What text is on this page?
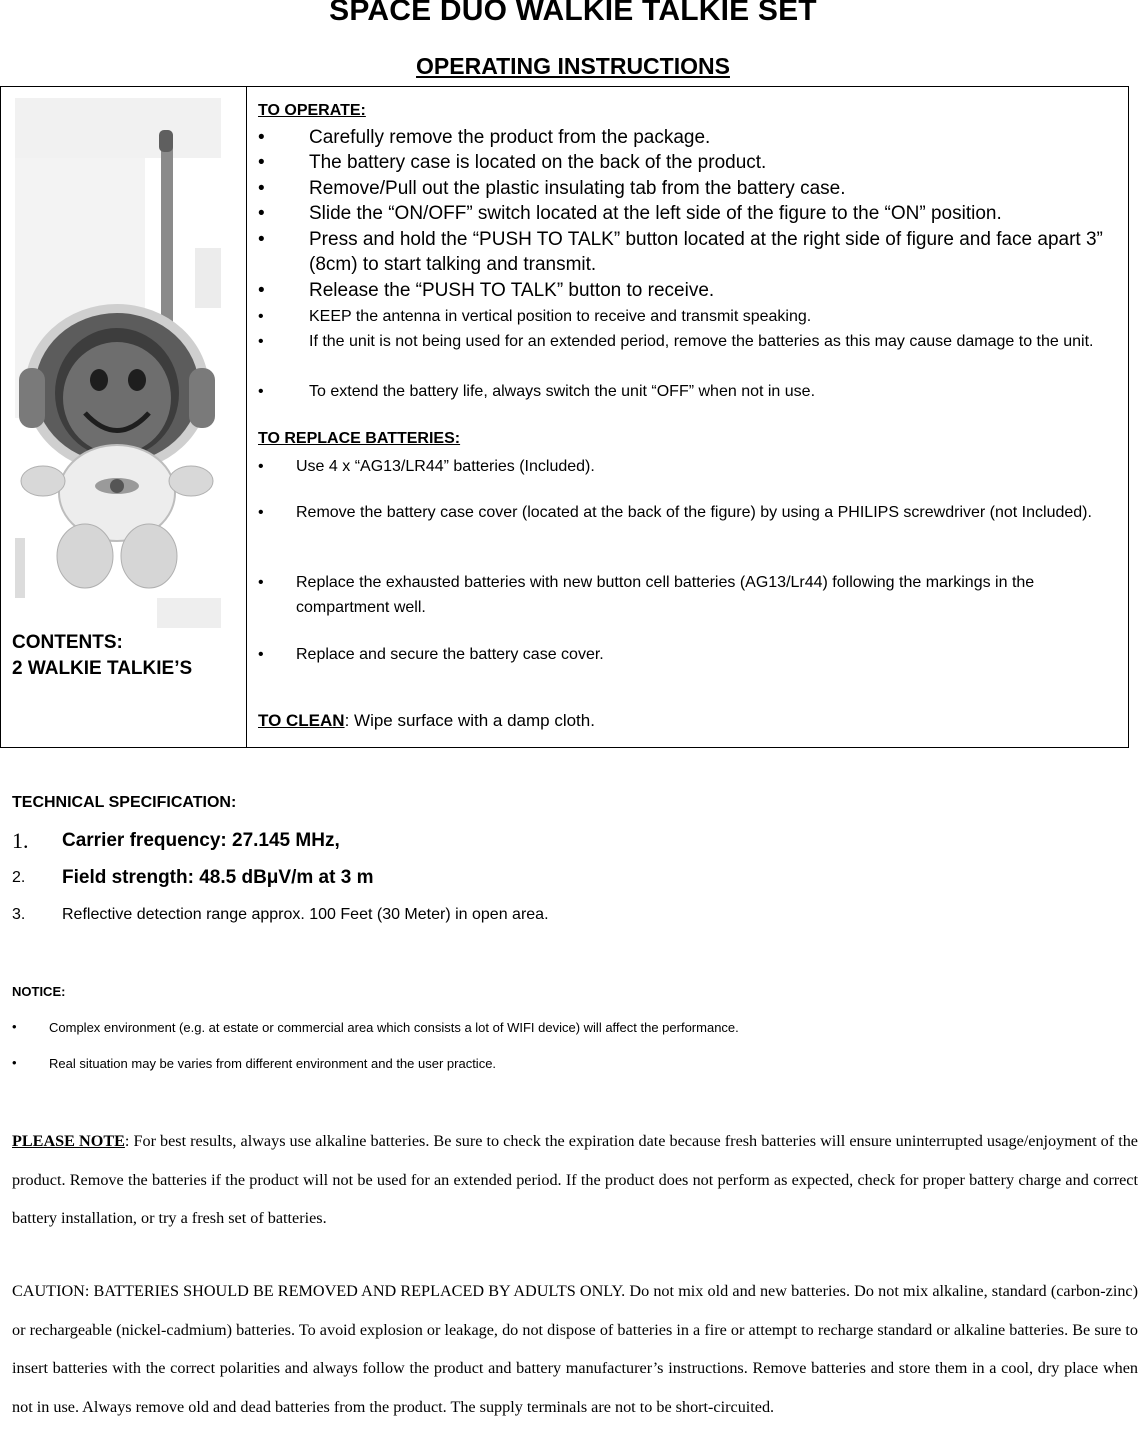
SPACE DUO WALKIE TALKIE SET
OPERATING INSTRUCTIONS
CONTENTS:
2 WALKIE TALKIE’S
TO OPERATE:
• Carefully remove the product from the package.
• The battery case is located on the back of the product.
• Remove/Pull out the plastic insulating tab from the battery case.
• Slide the “ON/OFF” switch located at the left side of the figure to the “ON” position.
• Press and hold the “PUSH TO TALK” button located at the right side of figure and face apart 3” (8cm) to start talking and transmit.
• Release the “PUSH TO TALK” button to receive.
•	KEEP the antenna in vertical position to receive and transmit speaking.
•	If the unit is not being used for an extended period, remove the batteries as this may cause damage to the unit.
•	To extend the battery life, always switch the unit “OFF” when not in use.
TO REPLACE BATTERIES:
• Use 4 x “AG13/LR44” batteries (Included).
• Remove the battery case cover (located at the back of the figure) by using a PHILIPS screwdriver (not Included).
• Replace the exhausted batteries with new button cell batteries (AG13/Lr44) following the markings in the compartment well.
• Replace and secure the battery case cover.
TO CLEAN: Wipe surface with a damp cloth.
TECHNICAL SPECIFICATION:
1. Carrier frequency: 27.145 MHz,
2. Field strength: 48.5 dBμV/m at 3 m
3. Reflective detection range approx. 100 Feet (30 Meter) in open area.
NOTICE:
• Complex environment (e.g. at estate or commercial area which consists a lot of WIFI device) will affect the performance.
• Real situation may be varies from different environment and the user practice.
PLEASE NOTE: For best results, always use alkaline batteries. Be sure to check the expiration date because fresh batteries will ensure uninterrupted usage/enjoyment of the product. Remove the batteries if the product will not be used for an extended period. If the product does not perform as expected, check for proper battery charge and correct battery installation, or try a fresh set of batteries.
CAUTION: BATTERIES SHOULD BE REMOVED AND REPLACED BY ADULTS ONLY. Do not mix old and new batteries. Do not mix alkaline, standard (carbon-zinc) or rechargeable (nickel-cadmium) batteries. To avoid explosion or leakage, do not dispose of batteries in a fire or attempt to recharge standard or alkaline batteries. Be sure to insert batteries with the correct polarities and always follow the product and battery manufacturer’s instructions. Remove batteries and store them in a cool, dry place when not in use. Always remove old and dead batteries from the product. The supply terminals are not to be short-circuited.
